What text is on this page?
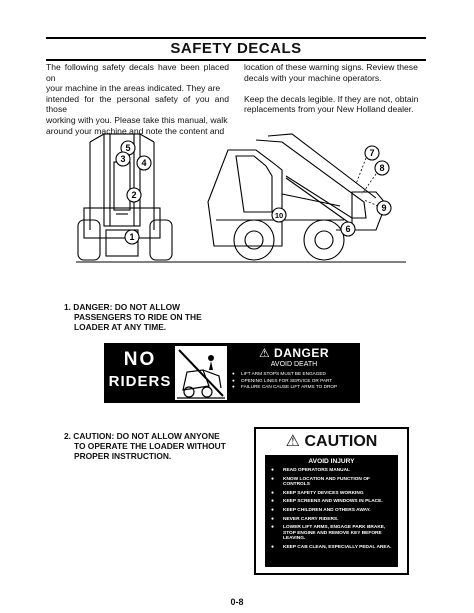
SAFETY DECALS
The following safety decals have been placed on
your machine in the areas indicated. They are
intended for the personal safety of you and those
working with you. Please take this manual, walk
around your machine and note the content and
location of these warning signs. Review these
decals with your machine operators.
Keep the decals legible. If they are not, obtain
replacements from your New Holland dealer.
5
3 4
2
1
7
8
9
6
10
1. DANGER: DO NOT ALLOW
PASSENGERS TO RIDE ON THE
LOADER AT ANY TIME.
NO
RIDERS
⚠ DANGER
AVOID DEATH
● LIFT ARM STOPS MUST BE ENGAGED
● OPENING LINES FOR SERVICE OR PART
● FAILURE CAN CAUSE LIFT ARMS TO DROP
2. CAUTION: DO NOT ALLOW ANYONE
TO OPERATE THE LOADER WITHOUT
PROPER INSTRUCTION.
⚠ CAUTION
AVOID INJURY
● READ OPERATORS MANUAL
● KNOW LOCATION AND FUNCTION OF CONTROLS
● KEEP SAFETY DEVICES WORKING
● KEEP SCREENS AND WINDOWS IN PLACE.
● KEEP CHILDREN AND OTHERS AWAY.
● NEVER CARRY RIDERS.
● LOWER LIFT ARMS, ENGAGE PARK BRAKE, STOP ENGINE AND REMOVE KEY BEFORE LEAVING.
● KEEP CAB CLEAN, ESPECIALLY PEDAL AREA.
0-8
